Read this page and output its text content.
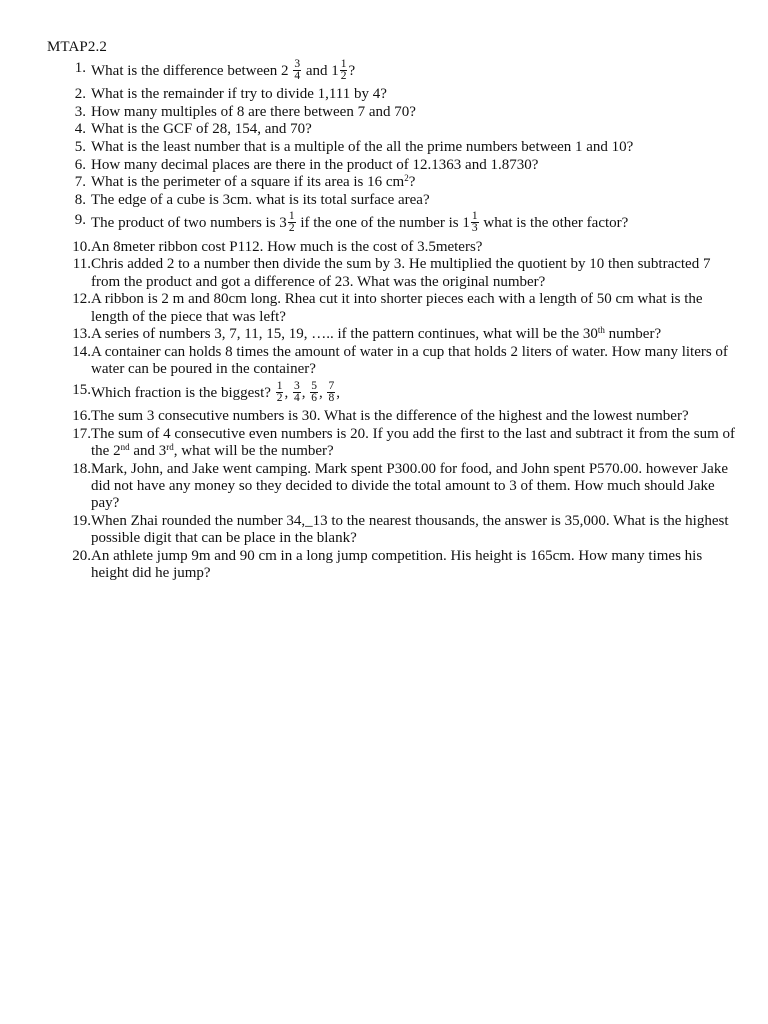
MTAP2.2
1. What is the difference between $2 \frac{3}{4}$ and $1 \frac{1}{2}$ ?
2. What is the remainder if try to divide 1,111 by 4?
3. How many multiples of 8 are there between 7 and 70?
4. What is the GCF of 28, 154, and 70?
5. What is the least number that is a multiple of the all the prime numbers between 1 and 10?
6. How many decimal places are there in the product of 12.1363 and 1.8730?
7. What is the perimeter of a square if its area is 16 $cm^2$?
8. The edge of a cube is 3cm. what is its total surface area?
9. The product of two numbers is $3 \frac{1}{2}$ if the one of the number is $1 \frac{1}{3}$ what is the other factor?
10. An 8meter ribbon cost P112. How much is the cost of 3.5meters?
11. Chris added 2 to a number then divide the sum by 3. He multiplied the quotient by 10 then subtracted 7 from the product and got a difference of 23. What was the original number?
12. A ribbon is 2 m and 80cm long. Rhea cut it into shorter pieces each with a length of 50 cm what is the length of the piece that was left?
13. A series of numbers 3, 7, 11, 15, 19, ….. if the pattern continues, what will be the 30th number?
14. A container can holds 8 times the amount of water in a cup that holds 2 liters of water. How many liters of water can be poured in the container?
15. Which fraction is the biggest? $\frac{1}{2}$ , $\frac{3}{4}$ , $\frac{5}{6}$ , $\frac{7}{8}$ ,
16. The sum 3 consecutive numbers is 30. What is the difference of the highest and the lowest number?
17. The sum of 4 consecutive even numbers is 20. If you add the first to the last and subtract it from the sum of the 2nd and 3rd, what will be the number?
18. Mark, John, and Jake went camping. Mark spent P300.00 for food, and John spent P570.00. however Jake did not have any money so they decided to divide the total amount to 3 of them. How much should Jake pay?
19. When Zhai rounded the number 34,_13 to the nearest thousands, the answer is 35,000. What is the highest possible digit that can be place in the blank?
20. An athlete jump 9m and 90 cm in a long jump competition. His height is 165cm. How many times his height did he jump?
